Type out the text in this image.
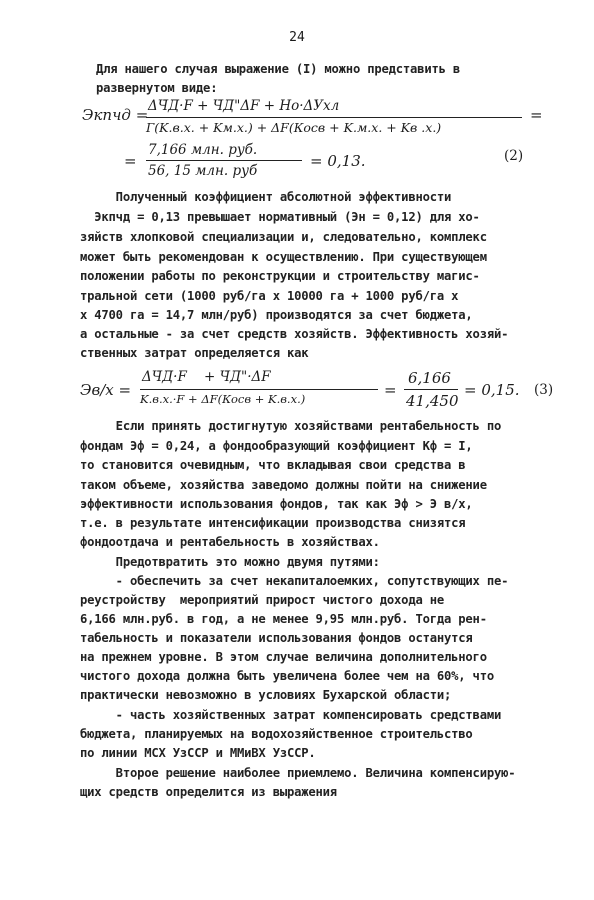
24
Для нашего случая выражение (I) можно представить в
развернутом виде:
Экпчд = ΔЧ̄Д·F + Ч̄Д"ΔF + Ho·ΔУхл
Г(K.в.х. + Kм.х.) + ΔF(Косв + K.м.х. + Kв .х.)
=
=
7,166 млн. руб.
56, 15 млн. руб
= 0,13.	(2)
Полученный коэффициент абсолютной эффективности
Экпчд = 0,13 превышает нормативный (Эн = 0,12) для хо-
зяйств хлопковой специализации и, следовательно, комплекс
может быть рекомендован к осуществлению. При существующем
положении работы по реконструкции и строительству магис-
тральной сети (1000 руб/га х 10000 га + 1000 руб/га х
х 4700 га = 14,7 млн/руб) производятся за счет бюджета,
а остальные - за счет средств хозяйств. Эффективность хозяй-
ственных затрат определяется как
Эв/х =
ΔЧ̄Д·F    + Ч̄Д"·ΔF
K.в.х.·F + ΔF(Косв + K.в.х.)	=
6,166
41,450
= 0,15. (3)
Если принять достигнутую хозяйствами рентабельность по
фондам Эф = 0,24, а фондообразующий коэффициент Кф = I,
то становится очевидным, что вкладывая свои средства в
таком объеме, хозяйства заведомо должны пойти на снижение
эффективности использования фондов, так как Эф > Э в/х,
т.е. в результате интенсификации производства снизятся
фондоотдача и рентабельность в хозяйствах.
Предотвратить это можно двумя путями:
- обеспечить за счет некапиталоемких, сопутствующих пе-
реустройству  мероприятий прирост чистого дохода не
6,166 млн.руб. в год, а не менее 9,95 млн.руб. Тогда рен-
табельность и показатели использования фондов останутся
на прежнем уровне. В этом случае величина дополнительного
чистого дохода должна быть увеличена более чем на 60%, что
практически невозможно в условиях Бухарской области;
- часть хозяйственных затрат компенсировать средствами
бюджета, планируемых на водохозяйственное строительство
по линии МСХ УзССР и ММиВХ УзССР.
Второе решение наиболее приемлемо. Величина компенсирую-
щих средств определится из выражения
